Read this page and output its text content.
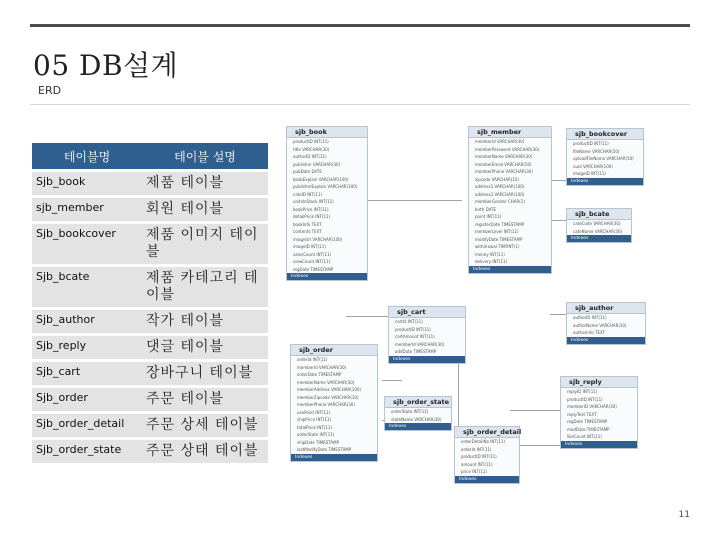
05 DB설계
ERD
테이블명	테이블 설명
Sjb_book	제품 테이블
sjb_member	회원 테이블
Sjb_bookcover	제품 이미지 테이블
Sjb_bcate	제품 카테고리 테이블
Sjb_author	작가 테이블
Sjb_reply	댓글 테이블
Sjb_cart	장바구니 테이블
Sjb_order	주문 테이블
Sjb_order_detail	주문 상세 테이블
Sjb_order_state	주문 상태 테이블
sjb_book
productID INT(11)
title VARCHAR(30)
authorID INT(11)
publisher VARCHAR(30)
pubDate DATE
bookExplain VARCHAR(100)
publisherExplain VARCHAR(100)
cateID INT(11)
unitsInStock INT(11)
bookPrice INT(11)
detailPrice INT(11)
bookInfo TEXT
contents TEXT
imageUrl VARCHAR(100)
imageID INT(11)
salesCount INT(11)
viewCount INT(11)
regDate TIMESTAMP
Indexes
sjb_member
memberId VARCHAR(30)
memberPassword VARCHAR(30)
memberName VARCHAR(30)
memberEmail VARCHAR(50)
memberPhone VARCHAR(30)
zipcode VARCHAR(10)
address1 VARCHAR(100)
address2 VARCHAR(100)
memberGender CHAR(1)
birth DATE
point INT(11)
registerDate TIMESTAMP
memberLevel INT(11)
modifyDate TIMESTAMP
withdrawal TINYINT(1)
money INT(11)
delivery INT(11)
Indexes
sjb_bookcover
productID INT(11)
fileName VARCHAR(50)
uploadFileName VARCHAR(50)
uuid VARCHAR(100)
imageID INT(11)
Indexes
sjb_bcate
cateCode VARCHAR(30)
cateName VARCHAR(30)
Indexes
sjb_author
authorID INT(11)
authorName VARCHAR(30)
authorInfo TEXT
Indexes
sjb_cart
cartId INT(11)
productID INT(11)
cartAmount INT(11)
memberId VARCHAR(30)
addDate TIMESTAMP
Indexes
sjb_order
orderId INT(11)
memberId VARCHAR(30)
orderDate TIMESTAMP
memberName VARCHAR(30)
memberAddress VARCHAR(100)
memberZipcode VARCHAR(10)
memberPhone VARCHAR(30)
usePoint INT(11)
shipPrice INT(11)
totalPrice INT(11)
orderState INT(11)
shipDate TIMESTAMP
lastModifyDate TIMESTAMP
Indexes
sjb_order_state
orderState INT(11)
stateName VARCHAR(30)
Indexes
sjb_order_detail
orderDetailNo INT(11)
orderId INT(11)
productID INT(11)
amount INT(11)
price INT(11)
Indexes
sjb_reply
replyID INT(11)
productID INT(11)
memberID VARCHAR(30)
replyText TEXT
regDate TIMESTAMP
modDate TIMESTAMP
likeCount INT(11)
Indexes
11
